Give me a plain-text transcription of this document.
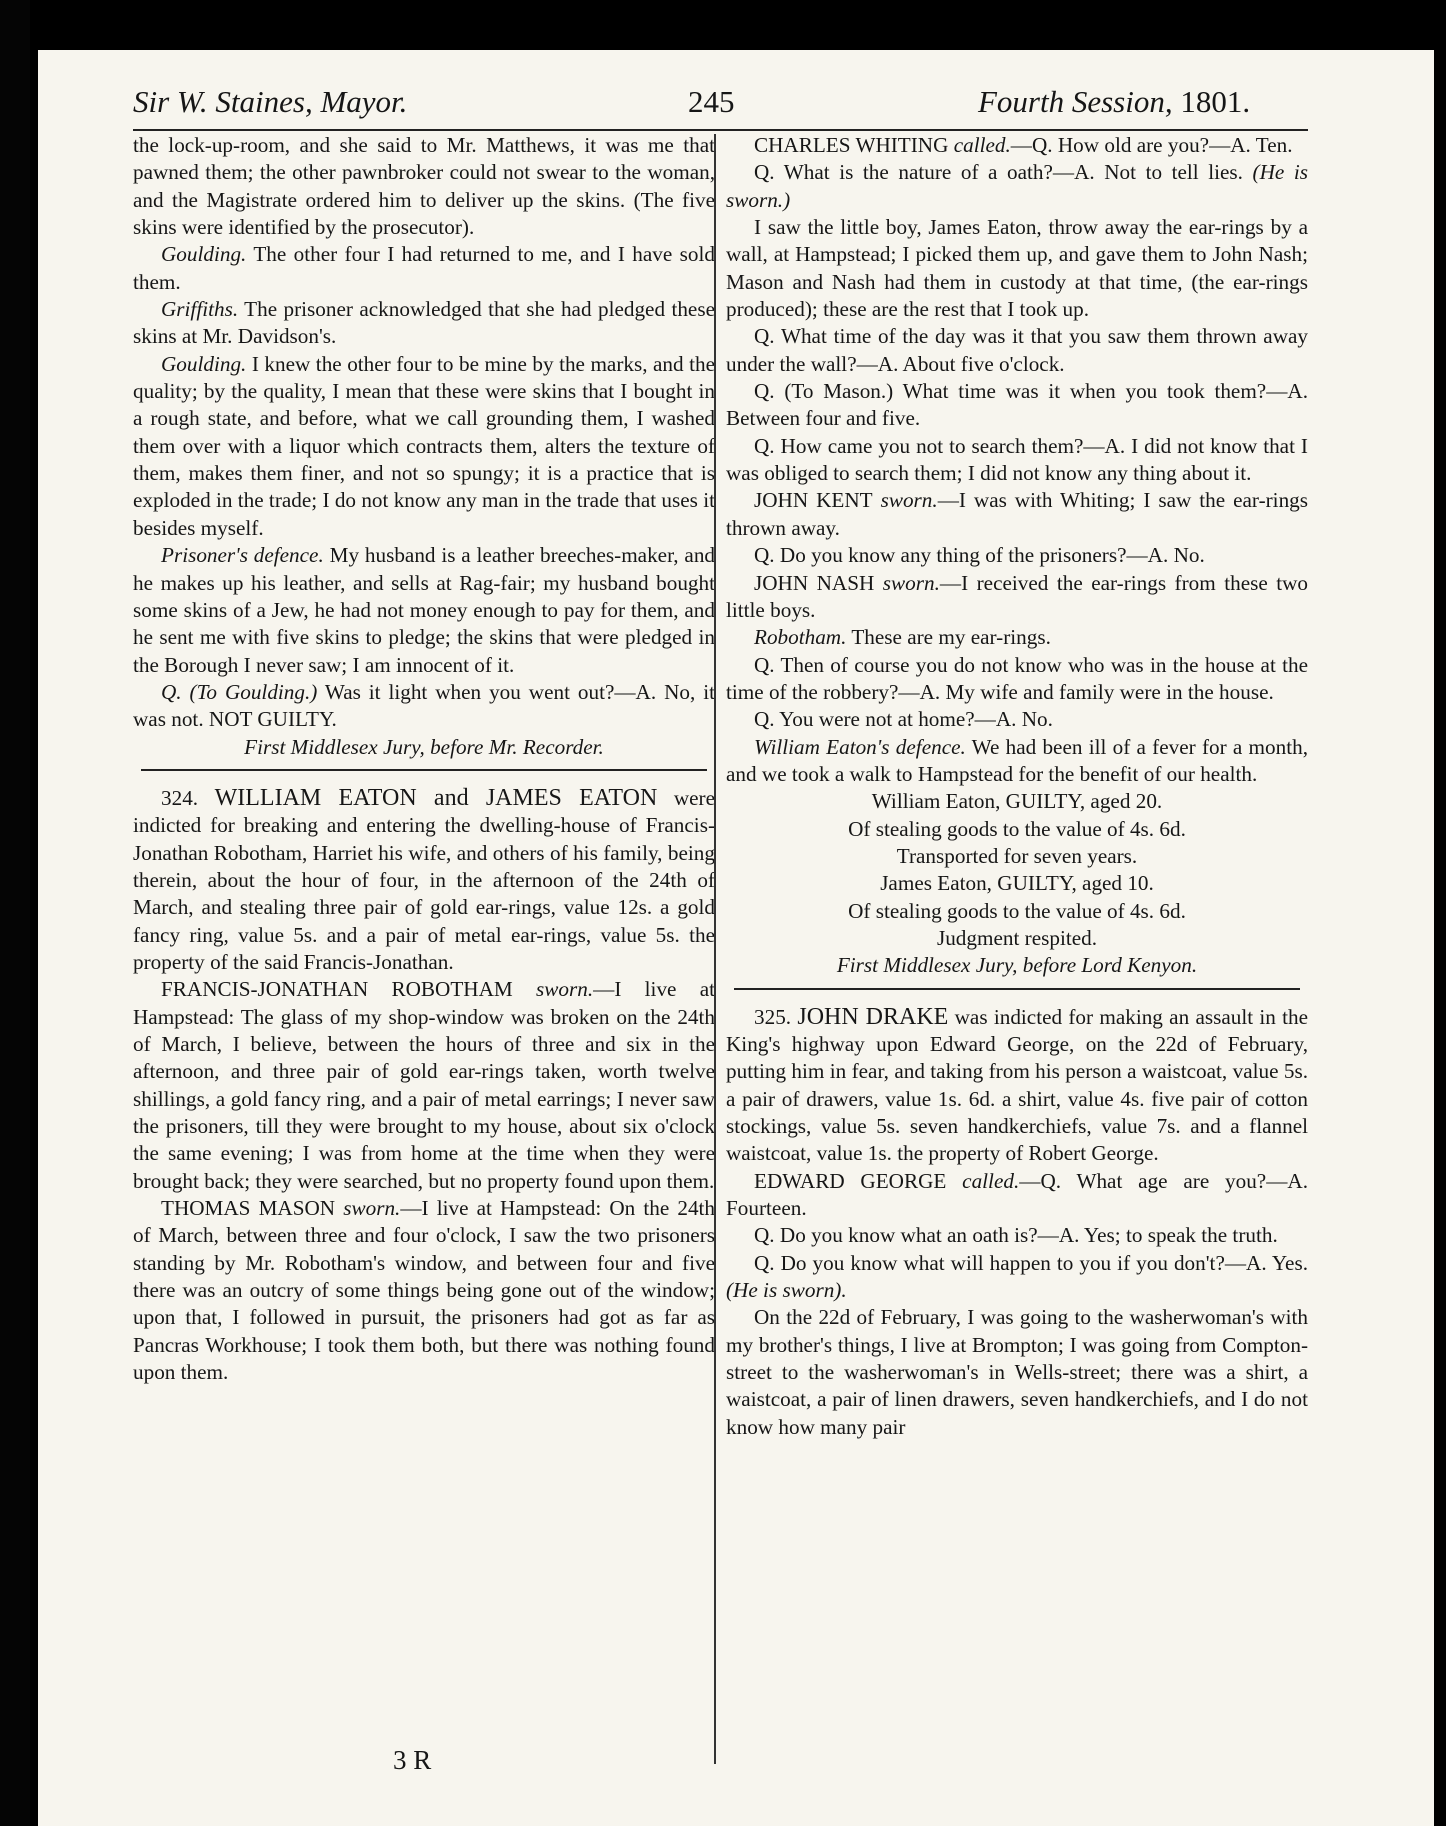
Sir W. Staines, Mayor.	245	Fourth Session, 1801.

the lock-up-room, and she said to Mr. Matthews, it was me that pawned them; the other pawnbroker could not swear to the woman, and the Magistrate ordered him to deliver up the skins. (The five skins were identified by the prosecutor).

Goulding. The other four I had returned to me, and I have sold them.

Griffiths. The prisoner acknowledged that she had pledged these skins at Mr. Davidson's.

Goulding. I knew the other four to be mine by the marks, and the quality; by the quality, I mean that these were skins that I bought in a rough state, and before, what we call grounding them, I washed them over with a liquor which contracts them, alters the texture of them, makes them finer, and not so spungy; it is a practice that is exploded in the trade; I do not know any man in the trade that uses it besides myself.

Prisoner's defence. My husband is a leather breeches-maker, and he makes up his leather, and sells at Rag-fair; my husband bought some skins of a Jew, he had not money enough to pay for them, and he sent me with five skins to pledge; the skins that were pledged in the Borough I never saw; I am innocent of it.

Q. (To Goulding.) Was it light when you went out?—A. No, it was not. NOT GUILTY.

First Middlesex Jury, before Mr. Recorder.

324. WILLIAM EATON and JAMES EATON were indicted for breaking and entering the dwelling-house of Francis-Jonathan Robotham, Harriet his wife, and others of his family, being therein, about the hour of four, in the afternoon of the 24th of March, and stealing three pair of gold ear-rings, value 12s. a gold fancy ring, value 5s. and a pair of metal ear-rings, value 5s. the property of the said Francis-Jonathan.

FRANCIS-JONATHAN ROBOTHAM sworn.—I live at Hampstead: The glass of my shop-window was broken on the 24th of March, I believe, between the hours of three and six in the afternoon, and three pair of gold ear-rings taken, worth twelve shillings, a gold fancy ring, and a pair of metal earrings; I never saw the prisoners, till they were brought to my house, about six o'clock the same evening; I was from home at the time when they were brought back; they were searched, but no property found upon them.

THOMAS MASON sworn.—I live at Hampstead: On the 24th of March, between three and four o'clock, I saw the two prisoners standing by Mr. Robotham's window, and between four and five there was an outcry of some things being gone out of the window; upon that, I followed in pursuit, the prisoners had got as far as Pancras Workhouse; I took them both, but there was nothing found upon them.

CHARLES WHITING called.—Q. How old are you?—A. Ten.

Q. What is the nature of a oath?—A. Not to tell lies. (He is sworn.)

I saw the little boy, James Eaton, throw away the ear-rings by a wall, at Hampstead; I picked them up, and gave them to John Nash; Mason and Nash had them in custody at that time, (the ear-rings produced); these are the rest that I took up.

Q. What time of the day was it that you saw them thrown away under the wall?—A. About five o'clock.

Q. (To Mason.) What time was it when you took them?—A. Between four and five.

Q. How came you not to search them?—A. I did not know that I was obliged to search them; I did not know any thing about it.

JOHN KENT sworn.—I was with Whiting; I saw the ear-rings thrown away.

Q. Do you know any thing of the prisoners?—A. No.

JOHN NASH sworn.—I received the ear-rings from these two little boys.

Robotham. These are my ear-rings.

Q. Then of course you do not know who was in the house at the time of the robbery?—A. My wife and family were in the house.

Q. You were not at home?—A. No.

William Eaton's defence. We had been ill of a fever for a month, and we took a walk to Hampstead for the benefit of our health.

William Eaton, GUILTY, aged 20.

Of stealing goods to the value of 4s. 6d.

Transported for seven years.

James Eaton, GUILTY, aged 10.

Of stealing goods to the value of 4s. 6d.

Judgment respited.

First Middlesex Jury, before Lord Kenyon.

325. JOHN DRAKE was indicted for making an assault in the King's highway upon Edward George, on the 22d of February, putting him in fear, and taking from his person a waistcoat, value 5s. a pair of drawers, value 1s. 6d. a shirt, value 4s. five pair of cotton stockings, value 5s. seven handkerchiefs, value 7s. and a flannel waistcoat, value 1s. the property of Robert George.

EDWARD GEORGE called.—Q. What age are you?—A. Fourteen.

Q. Do you know what an oath is?—A. Yes; to speak the truth.

Q. Do you know what will happen to you if you don't?—A. Yes. (He is sworn).

On the 22d of February, I was going to the washerwoman's with my brother's things, I live at Brompton; I was going from Compton-street to the washerwoman's in Wells-street; there was a shirt, a waistcoat, a pair of linen drawers, seven handkerchiefs, and I do not know how many pair

3 R
